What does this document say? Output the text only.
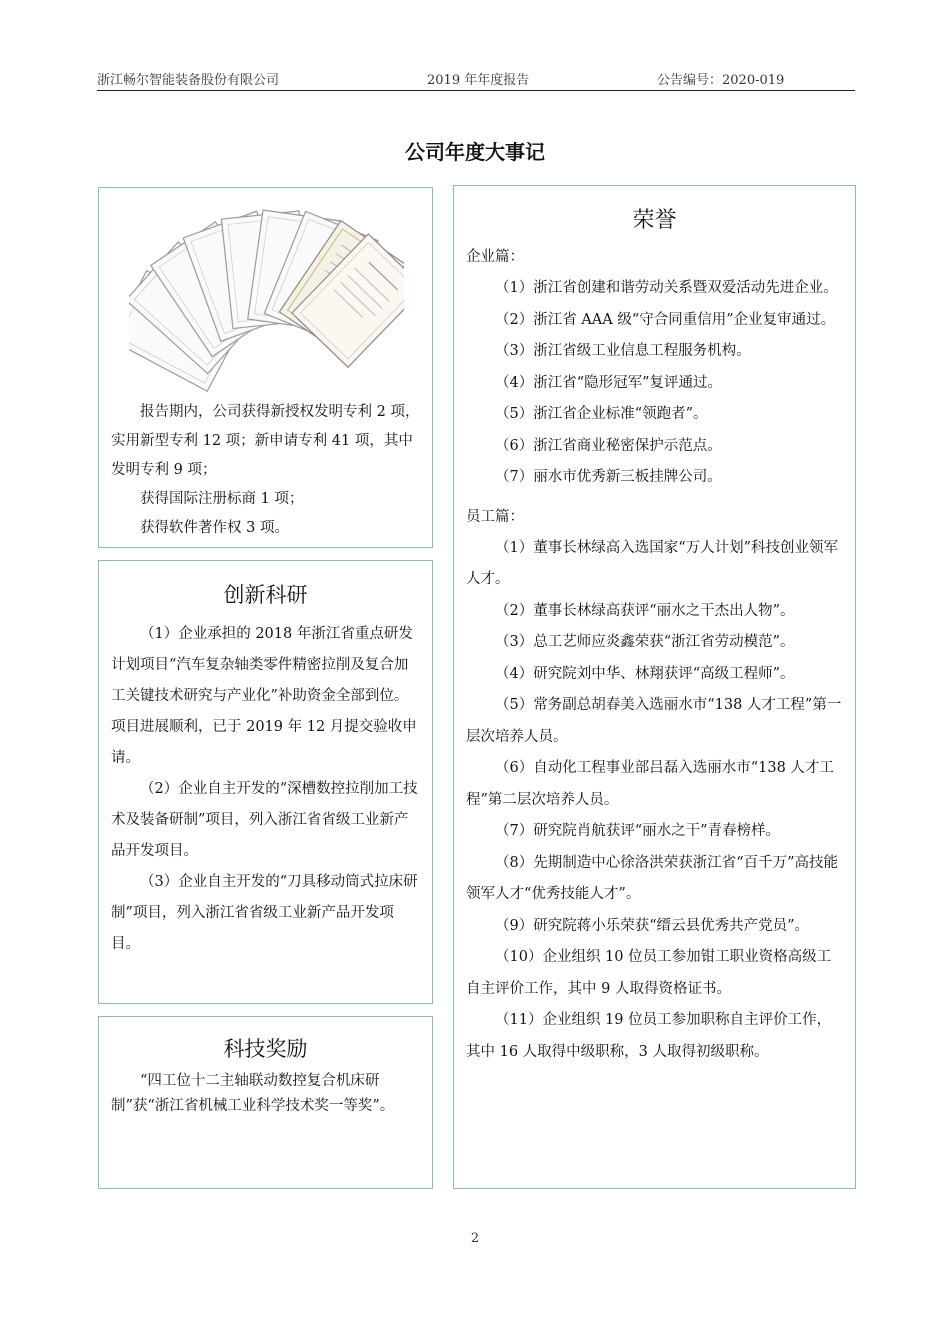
浙江畅尔智能装备股份有限公司	2019 年年度报告	公告编号：2020-019
公司年度大事记

报告期内，公司获得新授权发明专利 2 项，实用新型专利 12 项；新申请专利 41 项，其中发明专利 9 项；

获得国际注册标商 1 项；

获得软件著作权 3 项。

创新科研

（1）企业承担的 2018 年浙江省重点研发计划项目“汽车复杂轴类零件精密拉削及复合加工关键技术研究与产业化”补助资金全部到位。项目进展顺利，已于 2019 年 12 月提交验收申请。

（2）企业自主开发的“深槽数控拉削加工技术及装备研制”项目，列入浙江省省级工业新产品开发项目。

（3）企业自主开发的“刀具移动筒式拉床研制”项目，列入浙江省省级工业新产品开发项目。

科技奖励

“四工位十二主轴联动数控复合机床研制”获“浙江省机械工业科学技术奖一等奖”。

荣誉

企业篇：

（1）浙江省创建和谐劳动关系暨双爱活动先进企业。

（2）浙江省 AAA 级“守合同重信用”企业复审通过。

（3）浙江省级工业信息工程服务机构。

（4）浙江省“隐形冠军”复评通过。

（5）浙江省企业标准“领跑者”。

（6）浙江省商业秘密保护示范点。

（7）丽水市优秀新三板挂牌公司。

员工篇：

（1）董事长林绿高入选国家“万人计划”科技创业领军人才。

（2）董事长林绿高获评“丽水之干杰出人物”。

（3）总工艺师应炎鑫荣获“浙江省劳动模范”。

（4）研究院刘中华、林翔获评“高级工程师”。

（5）常务副总胡春美入选丽水市“138 人才工程”第一层次培养人员。

（6）自动化工程事业部吕磊入选丽水市“138 人才工程”第二层次培养人员。

（7）研究院肖航获评“丽水之干”青春榜样。

（8）先期制造中心徐洛洪荣获浙江省“百千万”高技能领军人才“优秀技能人才”。

（9）研究院蒋小乐荣获“缙云县优秀共产党员”。

（10）企业组织 10 位员工参加钳工职业资格高级工自主评价工作，其中 9 人取得资格证书。

（11）企业组织 19 位员工参加职称自主评价工作，其中 16 人取得中级职称，3 人取得初级职称。

2
